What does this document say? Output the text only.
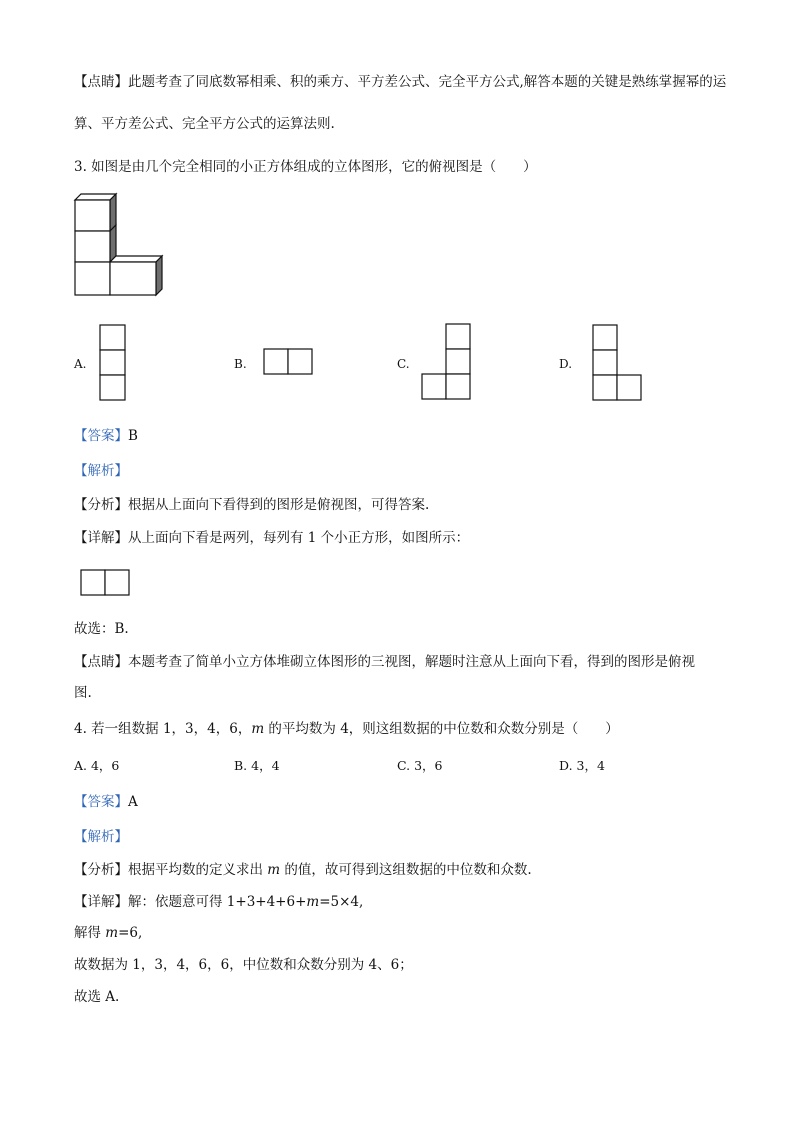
【点睛】此题考查了同底数幂相乘、积的乘方、平方差公式、完全平方公式,解答本题的关键是熟练掌握幂的运
算、平方差公式、完全平方公式的运算法则.
3. 如图是由几个完全相同的小正方体组成的立体图形，它的俯视图是（　　）
A.	B.	C.	D.
【答案】B
【解析】
【分析】根据从上面向下看得到的图形是俯视图，可得答案.
【详解】从上面向下看是两列，每列有 1 个小正方形，如图所示：
故选：B.
【点睛】本题考查了简单小立方体堆砌立体图形的三视图，解题时注意从上面向下看，得到的图形是俯视
图.
4. 若一组数据 1，3，4，6，m 的平均数为 4，则这组数据的中位数和众数分别是（　　）
A. 4，6	B. 4，4	C. 3，6	D. 3，4
【答案】A
【解析】
【分析】根据平均数的定义求出 m 的值，故可得到这组数据的中位数和众数.
【详解】解：依题意可得 1+3+4+6+m=5×4,
解得 m=6,
故数据为 1，3，4，6，6，中位数和众数分别为 4、6；
故选 A.
